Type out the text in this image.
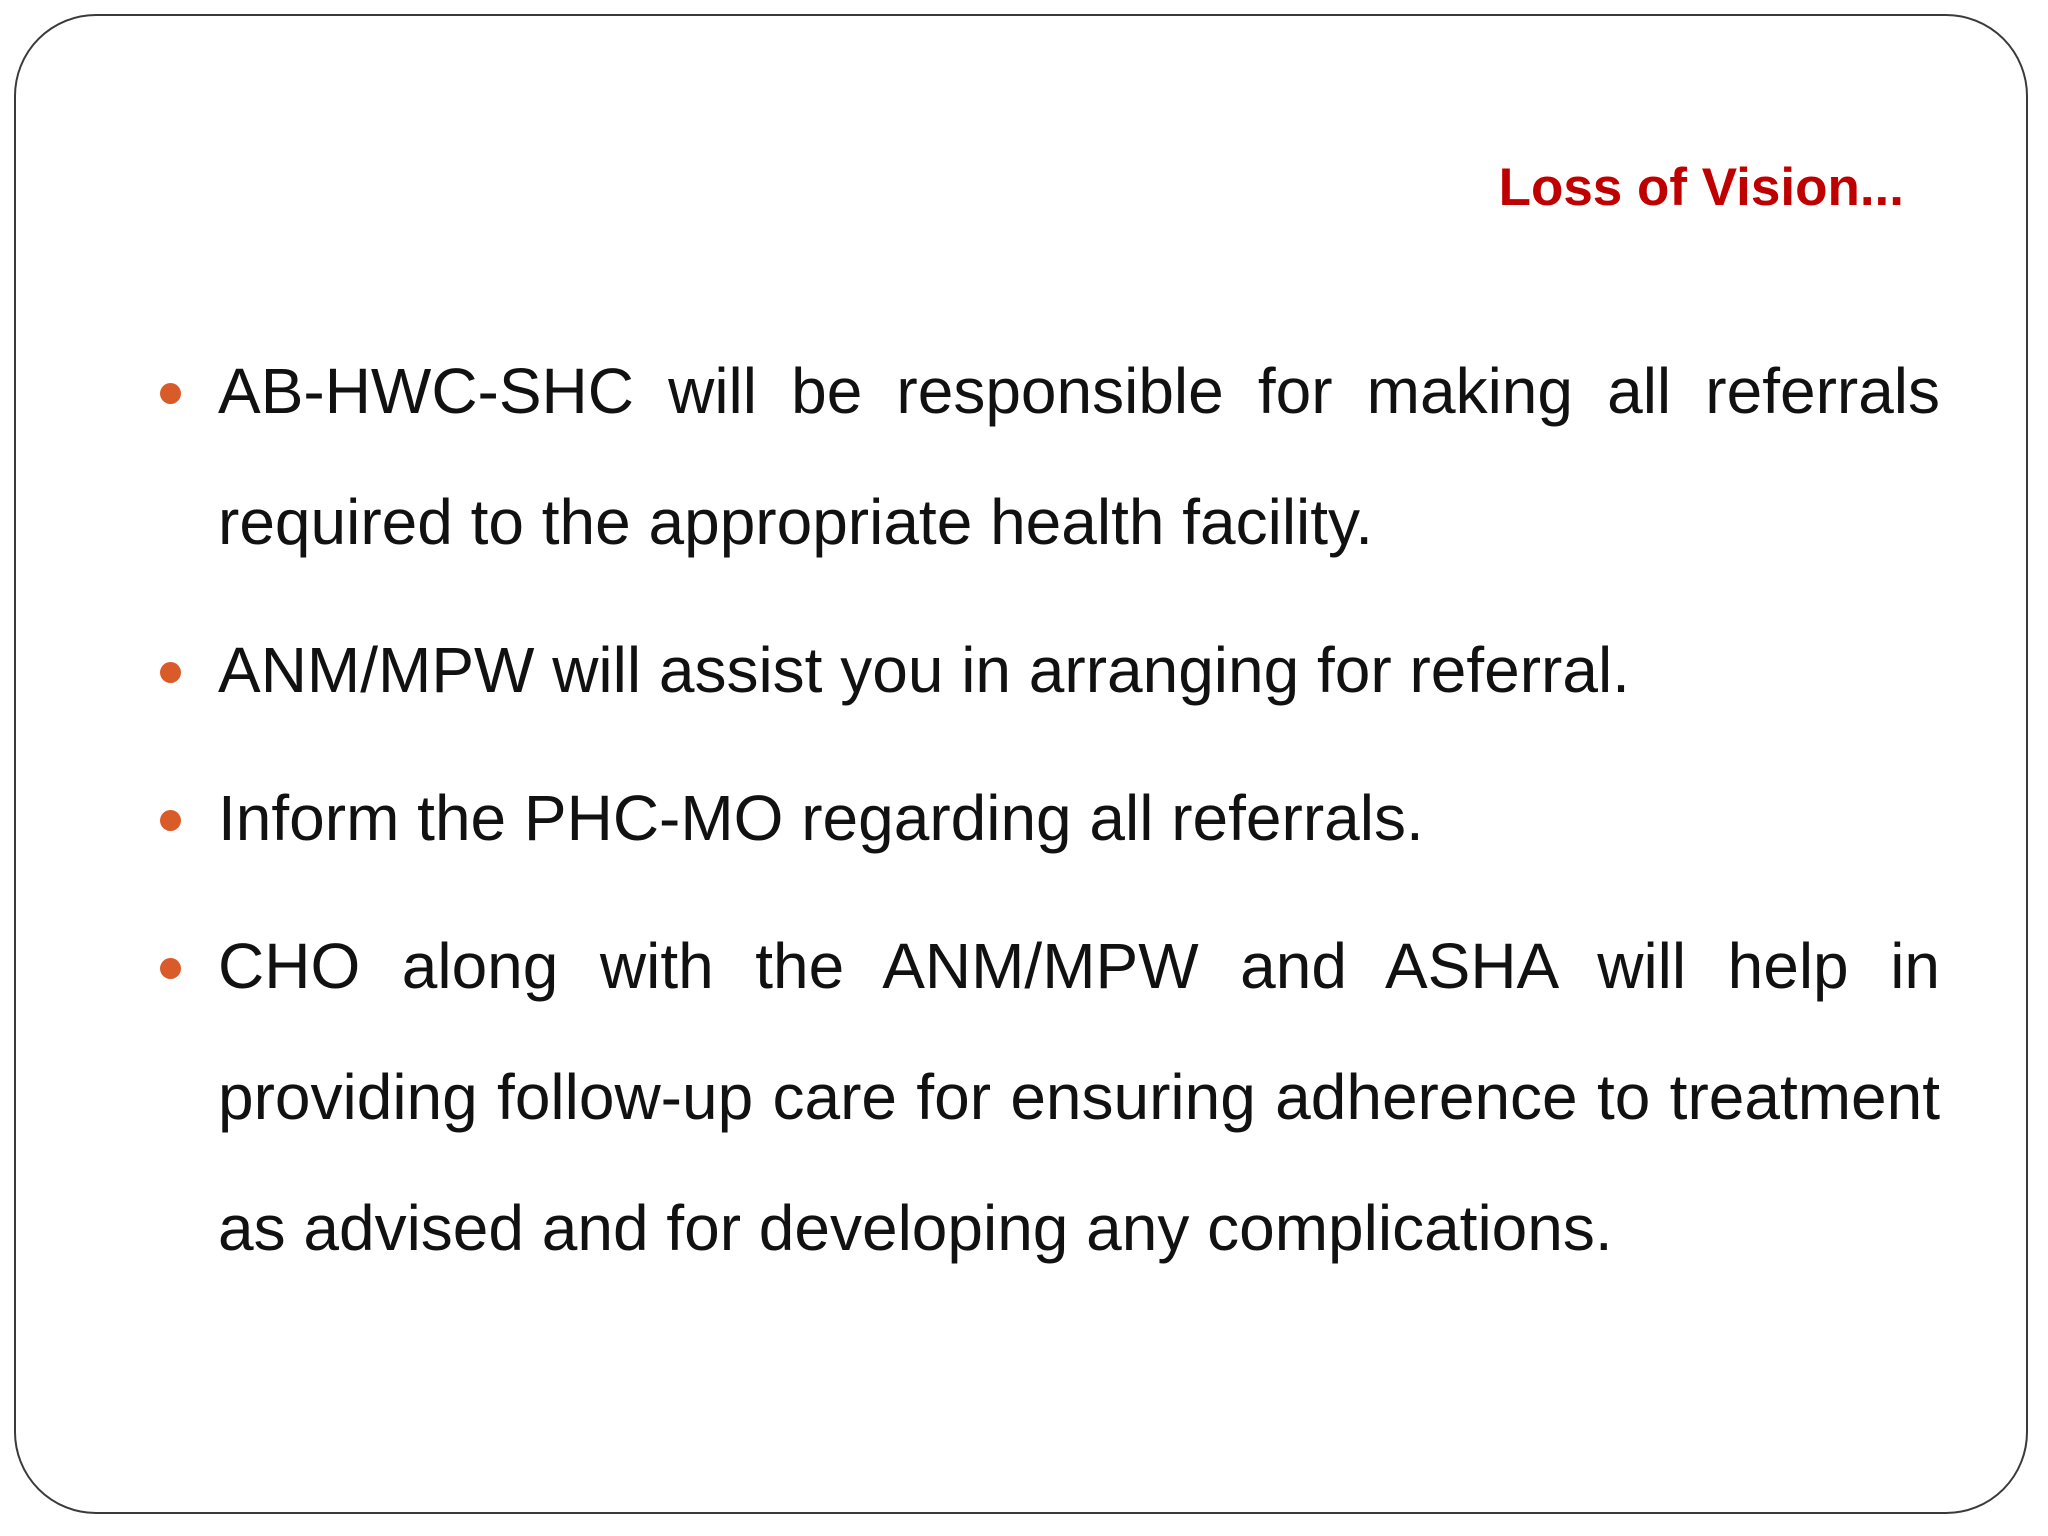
Loss of Vision...
AB-HWC-SHC will be responsible for making all referrals required to the appropriate health facility.
ANM/MPW will assist you in arranging for referral.
Inform the PHC-MO regarding all referrals.
CHO along with the ANM/MPW and ASHA will help in providing follow-up care for ensuring adherence to treatment as advised and for developing any complications.
